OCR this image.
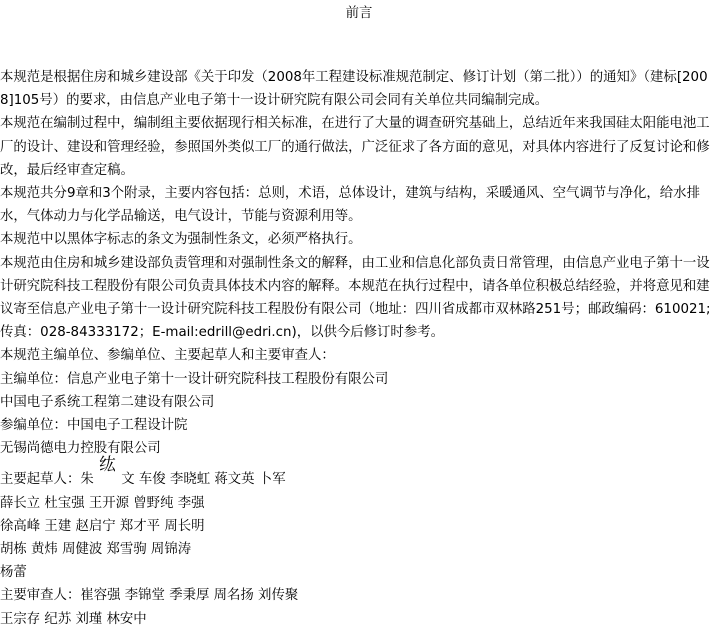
前言

本规范是根据住房和城乡建设部《关于印发（2008年工程建设标准规范制定、修订计划（第二批））的通知》（建标[2008]105号）的要求，由信息产业电子第十一设计研究院有限公司会同有关单位共同编制完成。

本规范在编制过程中，编制组主要依据现行相关标准，在进行了大量的调查研究基础上，总结近年来我国硅太阳能电池工厂的设计、建设和管理经验，参照国外类似工厂的通行做法，广泛征求了各方面的意见，对具体内容进行了反复讨论和修改，最后经审查定稿。

本规范共分9章和3个附录，主要内容包括：总则，术语，总体设计，建筑与结构，采暖通风、空气调节与净化，给水排水，气体动力与化学品输送，电气设计，节能与资源利用等。

本规范中以黑体字标志的条文为强制性条文，必须严格执行。

本规范由住房和城乡建设部负责管理和对强制性条文的解释，由工业和信息化部负责日常管理，由信息产业电子第十一设计研究院科技工程股份有限公司负责具体技术内容的解释。本规范在执行过程中，请各单位积极总结经验，并将意见和建议寄至信息产业电子第十一设计研究院科技工程股份有限公司（地址：四川省成都市双林路251号；邮政编码：610021;传真：028-84333172；E-mail:edrill@edri.cn)，以供今后修订时参考。

本规范主编单位、参编单位、主要起草人和主要审查人：

主编单位：信息产业电子第十一设计研究院科技工程股份有限公司
中国电子系统工程第二建设有限公司
参编单位：中国电子工程设计院
无锡尚德电力控股有限公司
主要起草人：朱 纮 文 车俊 李晓虹 蒋文英 卜军
薛长立 杜宝强 王开源 曾野纯 李强
徐高峰 王建 赵启宁 郑才平 周长明
胡栋 黄炜 周健波 郑雪驹 周锦涛
杨蕾
主要审查人：崔容强 李锦堂 季秉厚 周名扬 刘传聚
王宗存 纪苏 刘瑾 林安中
